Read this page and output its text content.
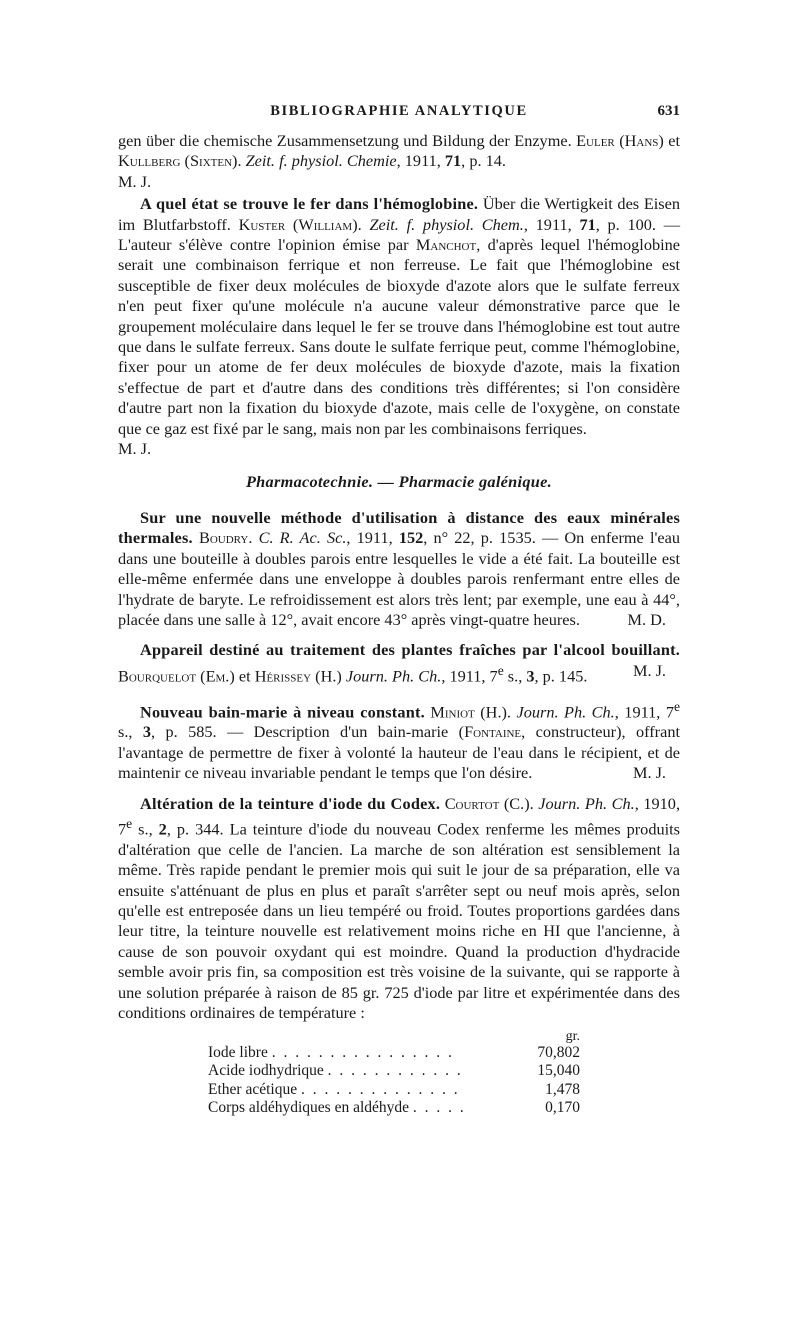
BIBLIOGRAPHIE ANALYTIQUE	631

gen über die chemische Zusammensetzung und Bildung der Enzyme. Euler (Hans) et Kullberg (Sixten). Zeit. f. physiol. Chemie, 1911, 71, p. 14.

M. J.

A quel état se trouve le fer dans l'hémoglobine. Über die Wertigkeit des Eisen im Blutfarbstoff. Kuster (William). Zeit. f. physiol. Chem., 1911, 71, p. 100. — L'auteur s'élève contre l'opinion émise par Manchot, d'après lequel l'hémoglobine serait une combinaison ferrique et non ferreuse. Le fait que l'hémoglobine est susceptible de fixer deux molécules de bioxyde d'azote alors que le sulfate ferreux n'en peut fixer qu'une molécule n'a aucune valeur démonstrative parce que le groupement moléculaire dans lequel le fer se trouve dans l'hémoglobine est tout autre que dans le sulfate ferreux. Sans doute le sulfate ferrique peut, comme l'hémoglobine, fixer pour un atome de fer deux molécules de bioxyde d'azote, mais la fixation s'effectue de part et d'autre dans des conditions très différentes; si l'on considère d'autre part non la fixation du bioxyde d'azote, mais celle de l'oxygène, on constate que ce gaz est fixé par le sang, mais non par les combinaisons ferriques.

M. J.

Pharmacotechnie. — Pharmacie galénique.

Sur une nouvelle méthode d'utilisation à distance des eaux minérales thermales. Boudry. C. R. Ac. Sc., 1911, 152, n° 22, p. 1535. — On enferme l'eau dans une bouteille à doubles parois entre lesquelles le vide a été fait. La bouteille est elle-même enfermée dans une enveloppe à doubles parois renfermant entre elles de l'hydrate de baryte. Le refroidissement est alors très lent; par exemple, une eau à 44°, placée dans une salle à 12°, avait encore 43° après vingt-quatre heures.	M. D.

Appareil destiné au traitement des plantes fraîches par l'alcool bouillant. Bourquelot (Em.) et Hérissey (H.) Journ. Ph. Ch., 1911, 7e s., 3, p. 145.	M. J.

Nouveau bain-marie à niveau constant. Miniot (H.). Journ. Ph. Ch., 1911, 7e s., 3, p. 585. — Description d'un bain-marie (Fontaine, constructeur), offrant l'avantage de permettre de fixer à volonté la hauteur de l'eau dans le récipient, et de maintenir ce niveau invariable pendant le temps que l'on désire.	M. J.

Altération de la teinture d'iode du Codex. Courtot (C.). Journ. Ph. Ch., 1910, 7e s., 2, p. 344. La teinture d'iode du nouveau Codex renferme les mêmes produits d'altération que celle de l'ancien. La marche de son altération est sensiblement la même. Très rapide pendant le premier mois qui suit le jour de sa préparation, elle va ensuite s'atténuant de plus en plus et paraît s'arrêter sept ou neuf mois après, selon qu'elle est entreposée dans un lieu tempéré ou froid. Toutes proportions gardées dans leur titre, la teinture nouvelle est relativement moins riche en HI que l'ancienne, à cause de son pouvoir oxydant qui est moindre. Quand la production d'hydracide semble avoir pris fin, sa composition est très voisine de la suivante, qui se rapporte à une solution préparée à raison de 85 gr. 725 d'iode par litre et expérimentée dans des conditions ordinaires de température :

	gr.
Iode libre . . . . . . . . . . . . . . . .	70,802
Acide iodhydrique . . . . . . . . . . . .	15,040
Ether acétique . . . . . . . . . . . . . .	1,478
Corps aldéhydiques en aldéhyde . . . . .	0,170
